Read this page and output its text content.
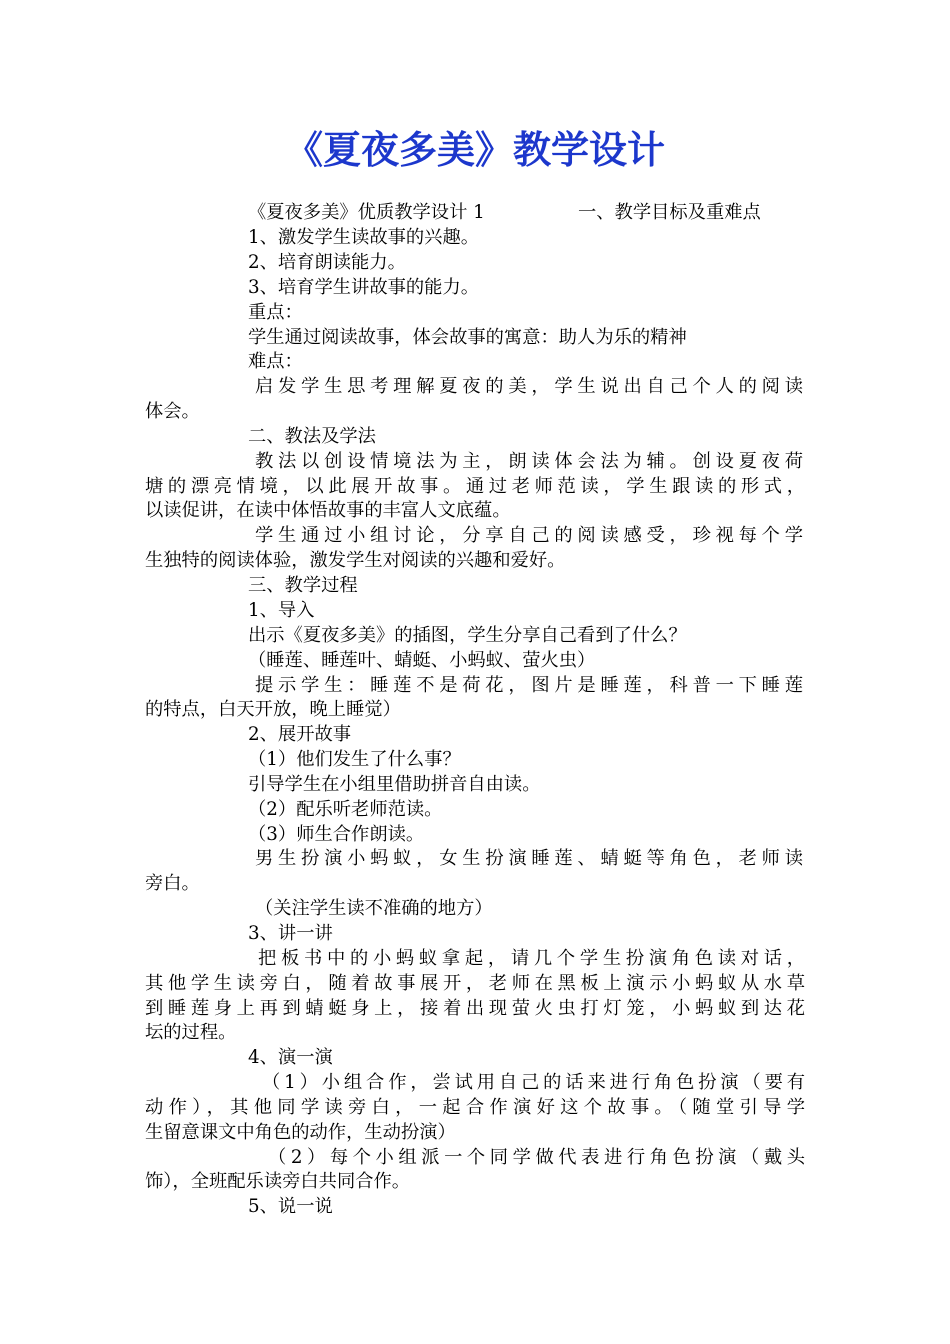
《夏夜多美》教学设计
《夏夜多美》优质教学设计 1	一、教学目标及重难点
1、激发学生读故事的兴趣。
2、培育朗读能力。
3、培育学生讲故事的能力。
重点：
学生通过阅读故事，体会故事的寓意：助人为乐的精神
难点：
启发学生思考理解夏夜的美，学生说出自己个人的阅读
体会。
二、教法及学法
教法以创设情境法为主，朗读体会法为辅。创设夏夜荷
塘的漂亮情境，以此展开故事。通过老师范读，学生跟读的形式，
以读促讲，在读中体悟故事的丰富人文底蕴。
学生通过小组讨论，分享自己的阅读感受，珍视每个学
生独特的阅读体验，激发学生对阅读的兴趣和爱好。
三、教学过程
1、导入
出示《夏夜多美》的插图，学生分享自己看到了什么？
（睡莲、睡莲叶、蜻蜓、小蚂蚁、萤火虫）
提示学生：睡莲不是荷花，图片是睡莲，科普一下睡莲
的特点，白天开放，晚上睡觉）
2、展开故事
（1）他们发生了什么事？
引导学生在小组里借助拼音自由读。
（2）配乐听老师范读。
（3）师生合作朗读。
男生扮演小蚂蚁，女生扮演睡莲、蜻蜓等角色，老师读
旁白。
（关注学生读不准确的地方）
3、讲一讲
把板书中的小蚂蚁拿起，请几个学生扮演角色读对话，
其他学生读旁白，随着故事展开，老师在黑板上演示小蚂蚁从水草
到睡莲身上再到蜻蜓身上，接着出现萤火虫打灯笼，小蚂蚁到达花
坛的过程。
4、演一演
（1）小组合作，尝试用自己的话来进行角色扮演（要有
动作），其他同学读旁白，一起合作演好这个故事。（随堂引导学
生留意课文中角色的动作，生动扮演）
（2）每个小组派一个同学做代表进行角色扮演（戴头
饰），全班配乐读旁白共同合作。
5、说一说
